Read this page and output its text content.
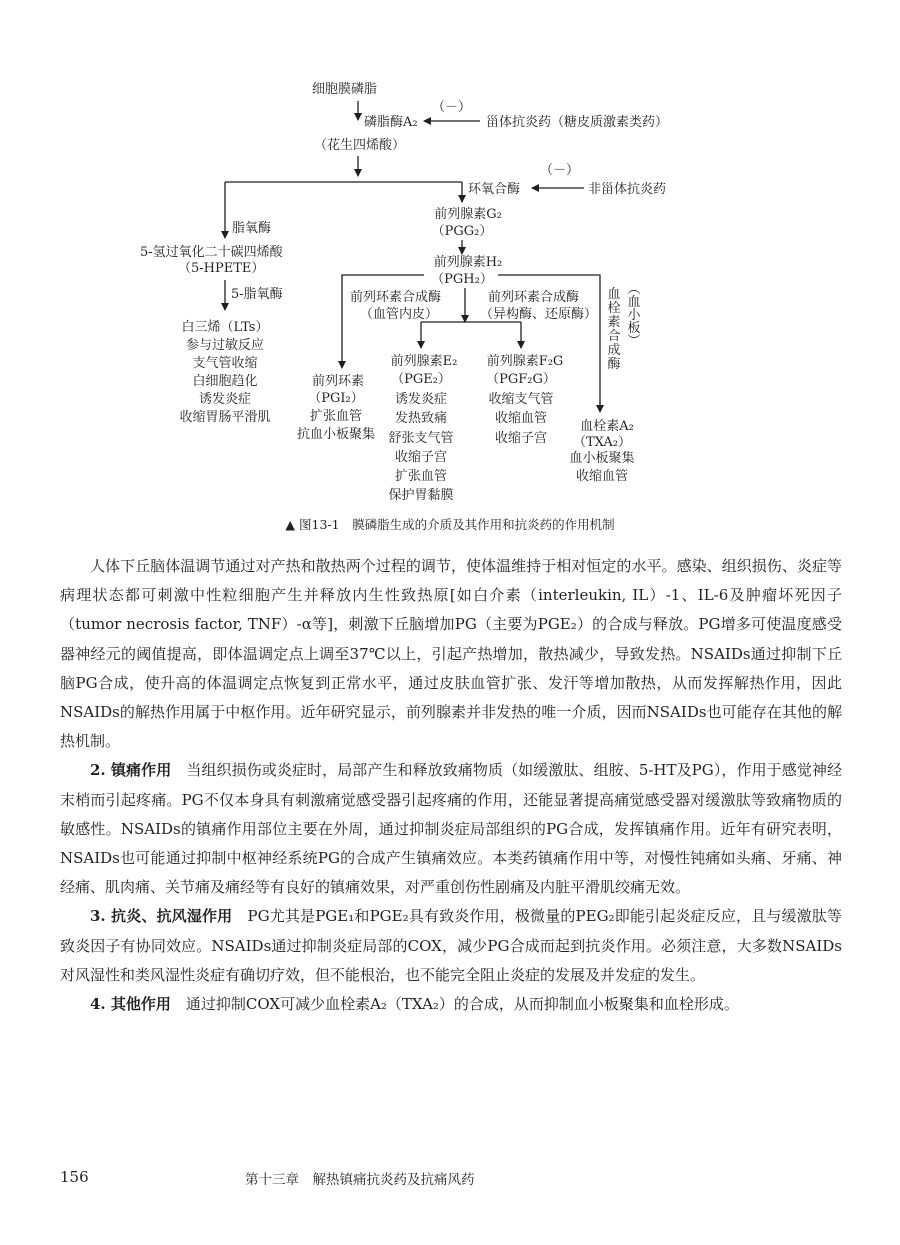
细胞膜磷脂
磷脂酶A₂
（－）
甾体抗炎药（糖皮质激素类药）
（花生四烯酸）
环氧合酶
（－）
非甾体抗炎药
脂氧酶
5-氢过氧化二十碳四烯酸
（5-HPETE）
5-脂氧酶
白三烯（LTs）
参与过敏反应
支气管收缩
白细胞趋化
诱发炎症
收缩胃肠平滑肌
前列腺素G₂
（PGG₂）
前列腺素H₂
（PGH₂）
前列环素合成酶
（血管内皮）
前列环素合成酶
（异构酶、还原酶）
血栓素合成酶
︵血小板︶
前列环素
（PGI₂）
扩张血管
抗血小板聚集
前列腺素E₂
（PGE₂）
诱发炎症
发热致痛
舒张支气管
收缩子宫
扩张血管
保护胃黏膜
前列腺素F₂G
（PGF₂G）
收缩支气管
收缩血管
收缩子宫
血栓素A₂
（TXA₂）
血小板聚集
收缩血管
▲ 图13-1　膜磷脂生成的介质及其作用和抗炎药的作用机制

人体下丘脑体温调节通过对产热和散热两个过程的调节，使体温维持于相对恒定的水平。感染、组织损伤、炎症等病理状态都可刺激中性粒细胞产生并释放内生性致热原[如白介素（interleukin, IL）-1、IL-6及肿瘤坏死因子（tumor necrosis factor, TNF）-α等]，刺激下丘脑增加PG（主要为PGE₂）的合成与释放。PG增多可使温度感受器神经元的阈值提高，即体温调定点上调至37℃以上，引起产热增加，散热减少，导致发热。NSAIDs通过抑制下丘脑PG合成，使升高的体温调定点恢复到正常水平，通过皮肤血管扩张、发汗等增加散热，从而发挥解热作用，因此NSAIDs的解热作用属于中枢作用。近年研究显示，前列腺素并非发热的唯一介质，因而NSAIDs也可能存在其他的解热机制。

2. 镇痛作用　当组织损伤或炎症时，局部产生和释放致痛物质（如缓激肽、组胺、5-HT及PG），作用于感觉神经末梢而引起疼痛。PG不仅本身具有刺激痛觉感受器引起疼痛的作用，还能显著提高痛觉感受器对缓激肽等致痛物质的敏感性。NSAIDs的镇痛作用部位主要在外周，通过抑制炎症局部组织的PG合成，发挥镇痛作用。近年有研究表明，NSAIDs也可能通过抑制中枢神经系统PG的合成产生镇痛效应。本类药镇痛作用中等，对慢性钝痛如头痛、牙痛、神经痛、肌肉痛、关节痛及痛经等有良好的镇痛效果，对严重创伤性剧痛及内脏平滑肌绞痛无效。

3. 抗炎、抗风湿作用　PG尤其是PGE₁和PGE₂具有致炎作用，极微量的PEG₂即能引起炎症反应，且与缓激肽等致炎因子有协同效应。NSAIDs通过抑制炎症局部的COX，减少PG合成而起到抗炎作用。必须注意，大多数NSAIDs对风湿性和类风湿性炎症有确切疗效，但不能根治，也不能完全阻止炎症的发展及并发症的发生。

4. 其他作用　通过抑制COX可减少血栓素A₂（TXA₂）的合成，从而抑制血小板聚集和血栓形成。

156	第十三章　解热镇痛抗炎药及抗痛风药
